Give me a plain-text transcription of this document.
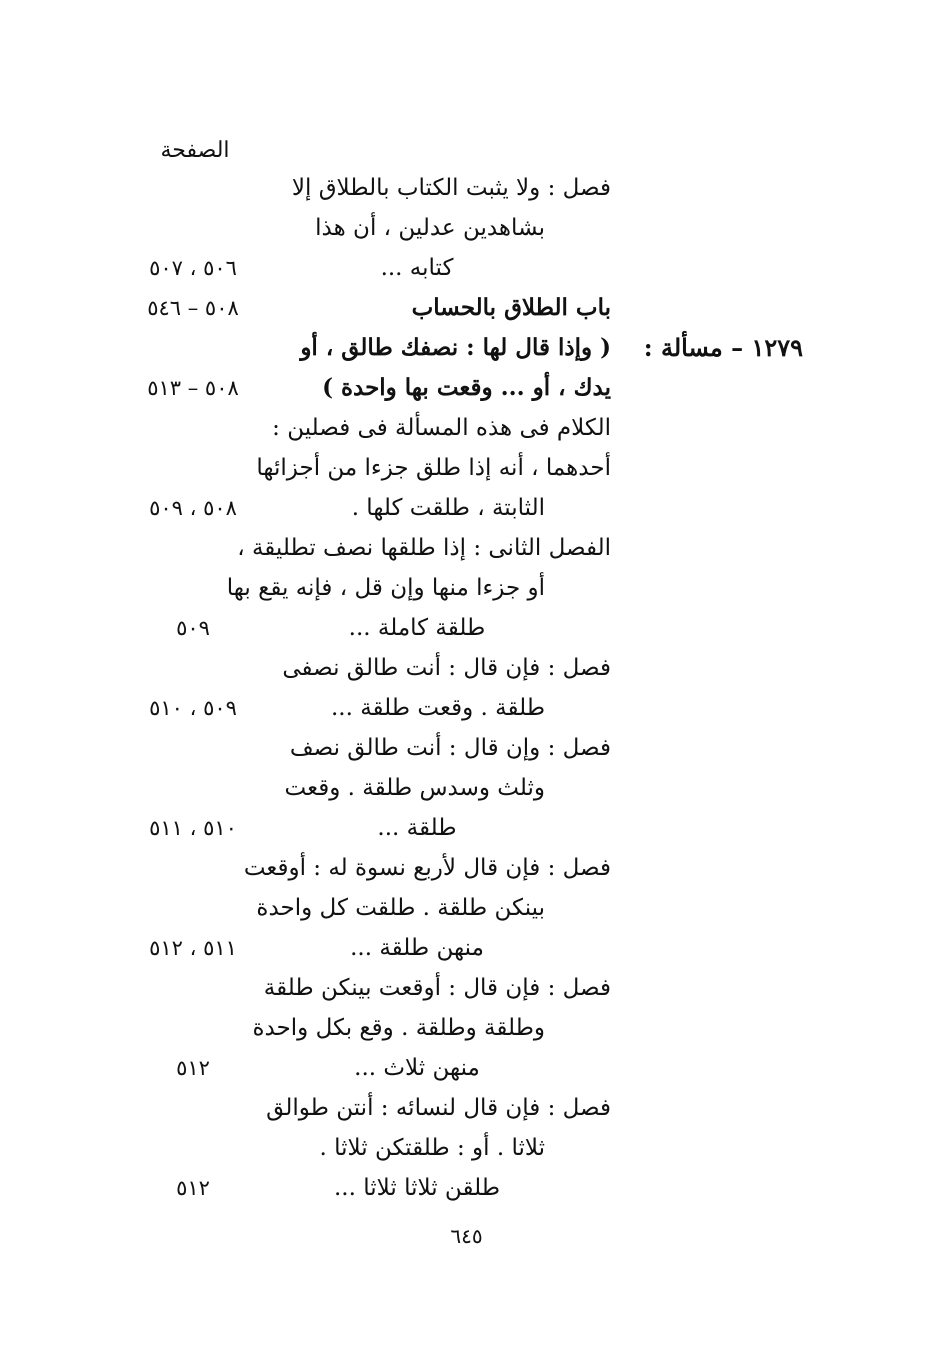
الصفحة
فصل : ولا يثبت الكتاب بالطلاق إلا
بشاهدين عدلين ، أن هذا
كتابه ...
٥٠٦ ، ٥٠٧
باب الطلاق بالحساب
٥٠٨ – ٥٤٦
( وإذا قال لها : نصفك طالق ، أو	١٢٧٩ – مسألة :
يدك ، أو ... وقعت بها واحدة )
٥٠٨ – ٥١٣
الكلام فى هذه المسألة فى فصلين :
أحدهما ، أنه إذا طلق جزءا من أجزائها
الثابتة ، طلقت كلها .
٥٠٨ ، ٥٠٩
الفصل الثانى : إذا طلقها نصف تطليقة ،
أو جزءا منها وإن قل ، فإنه يقع بها
طلقة كاملة ...
٥٠٩
فصل : فإن قال : أنت طالق نصفى
طلقة . وقعت طلقة ...
٥٠٩ ، ٥١٠
فصل : وإن قال : أنت طالق نصف
وثلث وسدس طلقة . وقعت
طلقة ...
٥١٠ ، ٥١١
فصل : فإن قال لأربع نسوة له : أوقعت
بينكن طلقة . طلقت كل واحدة
منهن طلقة ...
٥١١ ، ٥١٢
فصل : فإن قال : أوقعت بينكن طلقة
وطلقة وطلقة . وقع بكل واحدة
منهن ثلاث ...
٥١٢
فصل : فإن قال لنسائه : أنتن طوالق
ثلاثا . أو : طلقتكن ثلاثا .
طلقن ثلاثا ثلاثا ...
٥١٢
٦٤٥
